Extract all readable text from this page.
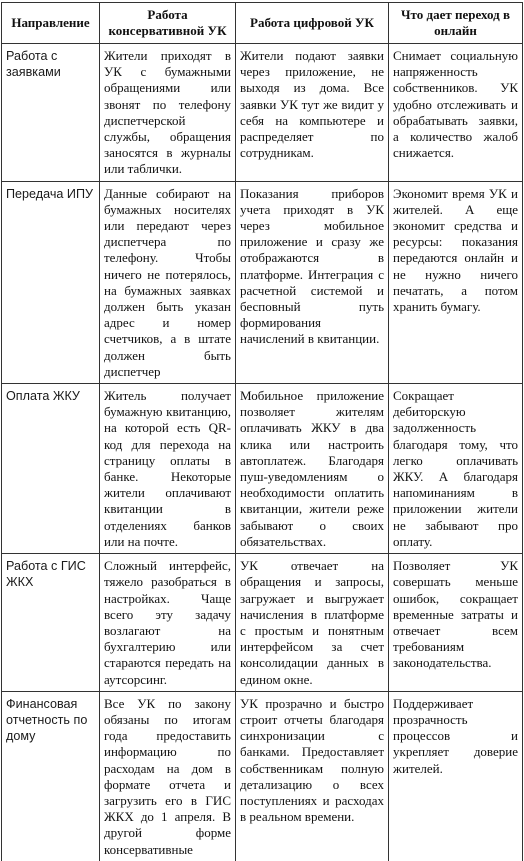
Направление	Работа консервативной УК	Работа цифровой УК	Что дает переход в онлайн
Работа с заявками	Жители приходят в УК с бумажными обращениями или звонят по телефону диспетчерской службы, обращения заносятся в журналы или таблички.	Жители подают заявки через приложение, не выходя из дома. Все заявки УК тут же видит у себя на компьютере и распределяет по сотрудникам.	Снимает социальную напряженность собственников. УК удобно отслеживать и обрабатывать заявки, а количество жалоб снижается.
Передача ИПУ	Данные собирают на бумажных носителях или передают через диспетчера по телефону. Чтобы ничего не потерялось, на бумажных заявках должен быть указан адрес и номер счетчиков, а в штате должен быть диспетчер	Показания приборов учета приходят в УК через мобильное приложение и сразу же отображаются в платформе. Интеграция с расчетной системой и бесповный путь формирования начислений в квитанции.	Экономит время УК и жителей. А еще экономит средства и ресурсы: показания передаются онлайн и не нужно ничего печатать, а потом хранить бумагу.
Оплата ЖКУ	Житель получает бумажную квитанцию, на которой есть QR-код для перехода на страницу оплаты в банке. Некоторые жители оплачивают квитанции в отделениях банков или на почте.	Мобильное приложение позволяет жителям оплачивать ЖКУ в два клика или настроить автоплатеж. Благодаря пуш-уведомлениям о необходимости оплатить квитанции, жители реже забывают о своих обязательствах.	Сокращает дебиторскую задолженность благодаря тому, что легко оплачивать ЖКУ. А благодаря напоминаниям в приложении жители не забывают про оплату.
Работа с ГИС ЖКХ	Сложный интерфейс, тяжело разобраться в настройках. Чаще всего эту задачу возлагают на бухгалтерию или стараются передать на аутсорсинг.	УК отвечает на обращения и запросы, загружает и выгружает начисления в платформе с простым и понятным интерфейсом за счет консолидации данных в едином окне.	Позволяет УК совершать меньше ошибок, сокращает временные затраты и отвечает всем требованиям законодательства.
Финансовая отчетность по дому	Все УК по закону обязаны по итогам года предоставить информацию по расходам на дом в формате отчета и загрузить его в ГИС ЖКХ до 1 апреля. В другой форме консервативные	УК прозрачно и быстро строит отчеты благодаря синхронизации с банками. Предоставляет собственникам полную детализацию о всех поступлениях и расходах в реальном времени.	Поддерживает прозрачность процессов и укрепляет доверие жителей.
